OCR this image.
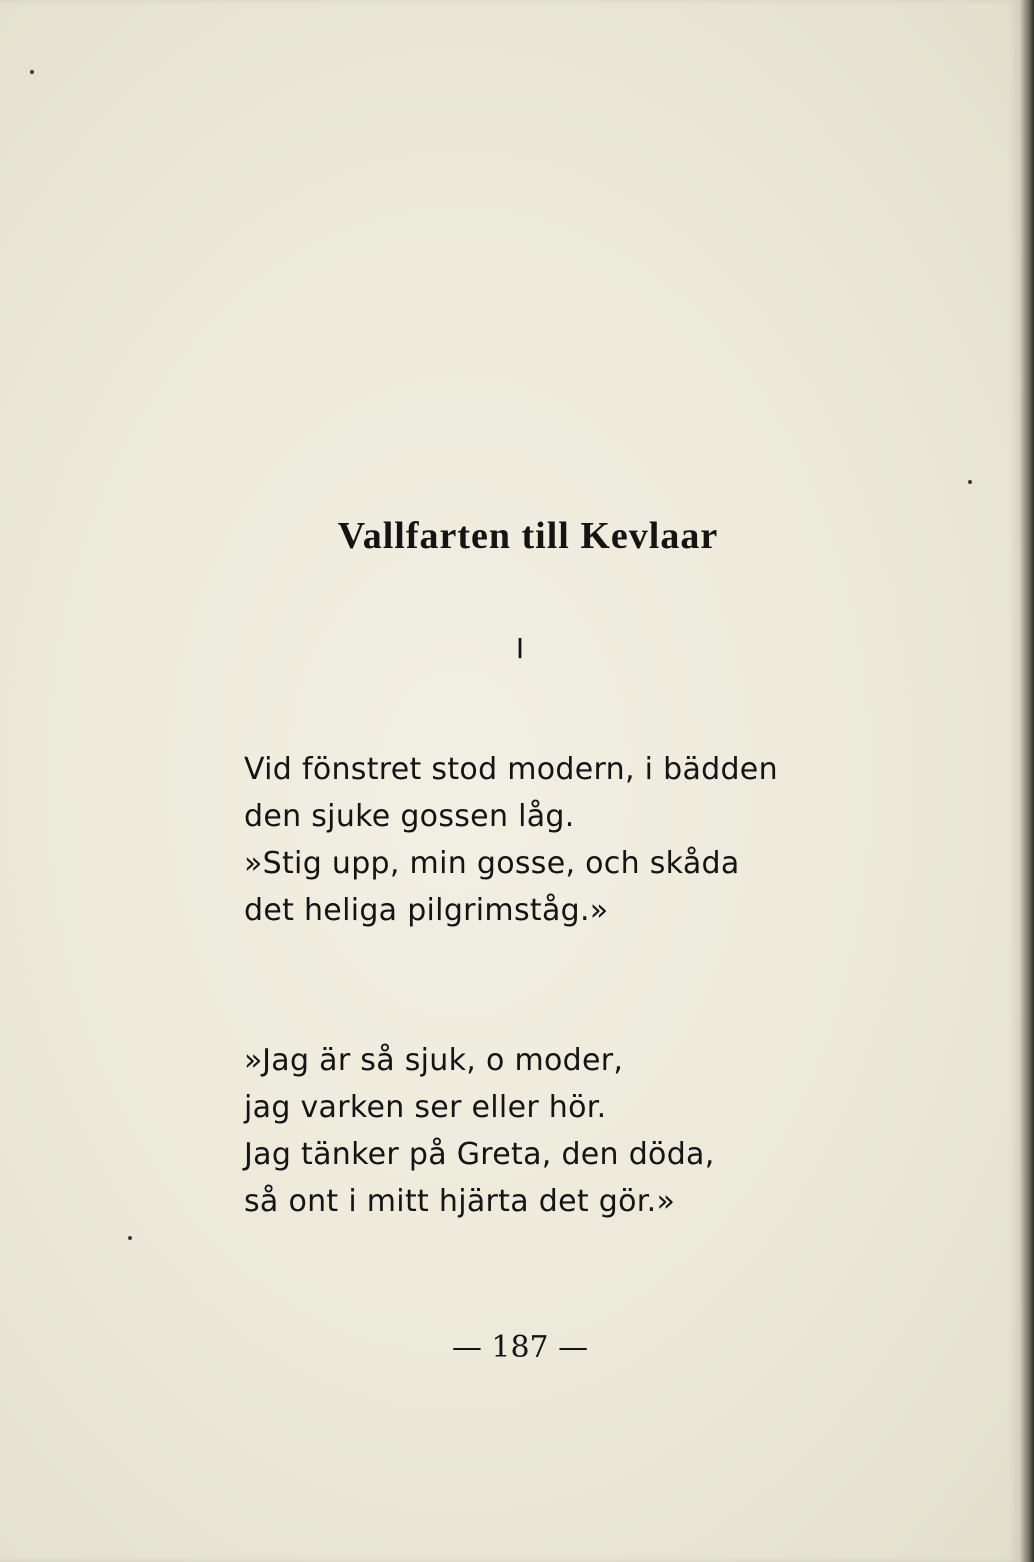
Vallfarten till Kevlaar
I
Vid fönstret stod modern, i bädden
den sjuke gossen låg.
»Stig upp, min gosse, och skåda
det heliga pilgrimståg.»
»Jag är så sjuk, o moder,
jag varken ser eller hör.
Jag tänker på Greta, den döda,
så ont i mitt hjärta det gör.»
— 187 —
